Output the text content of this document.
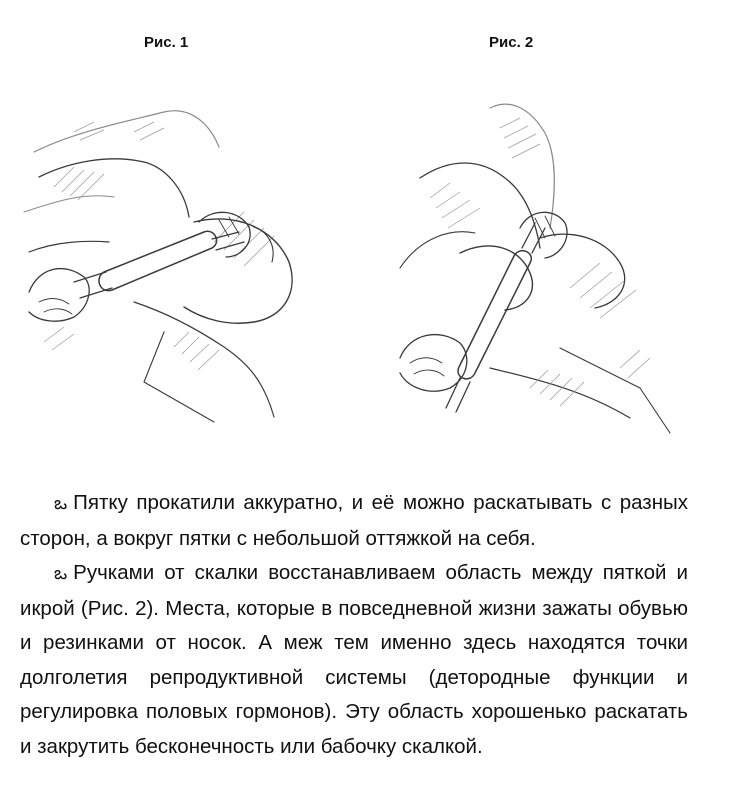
Рис. 1	Рис. 2

ఒ Пятку прокатили аккуратно, и её можно раскатывать с разных сторон, а вокруг пятки с небольшой оттяжкой на себя.

ఒ Ручками от скалки восстанавливаем область между пяткой и икрой (Рис. 2). Места, которые в повседневной жизни зажаты обувью и резинками от носок. А меж тем именно здесь находятся точки долголетия репродуктивной системы (детородные функции и регулировка половых гормонов). Эту область хорошенько раскатать и закрутить бесконечность или бабочку скалкой.
